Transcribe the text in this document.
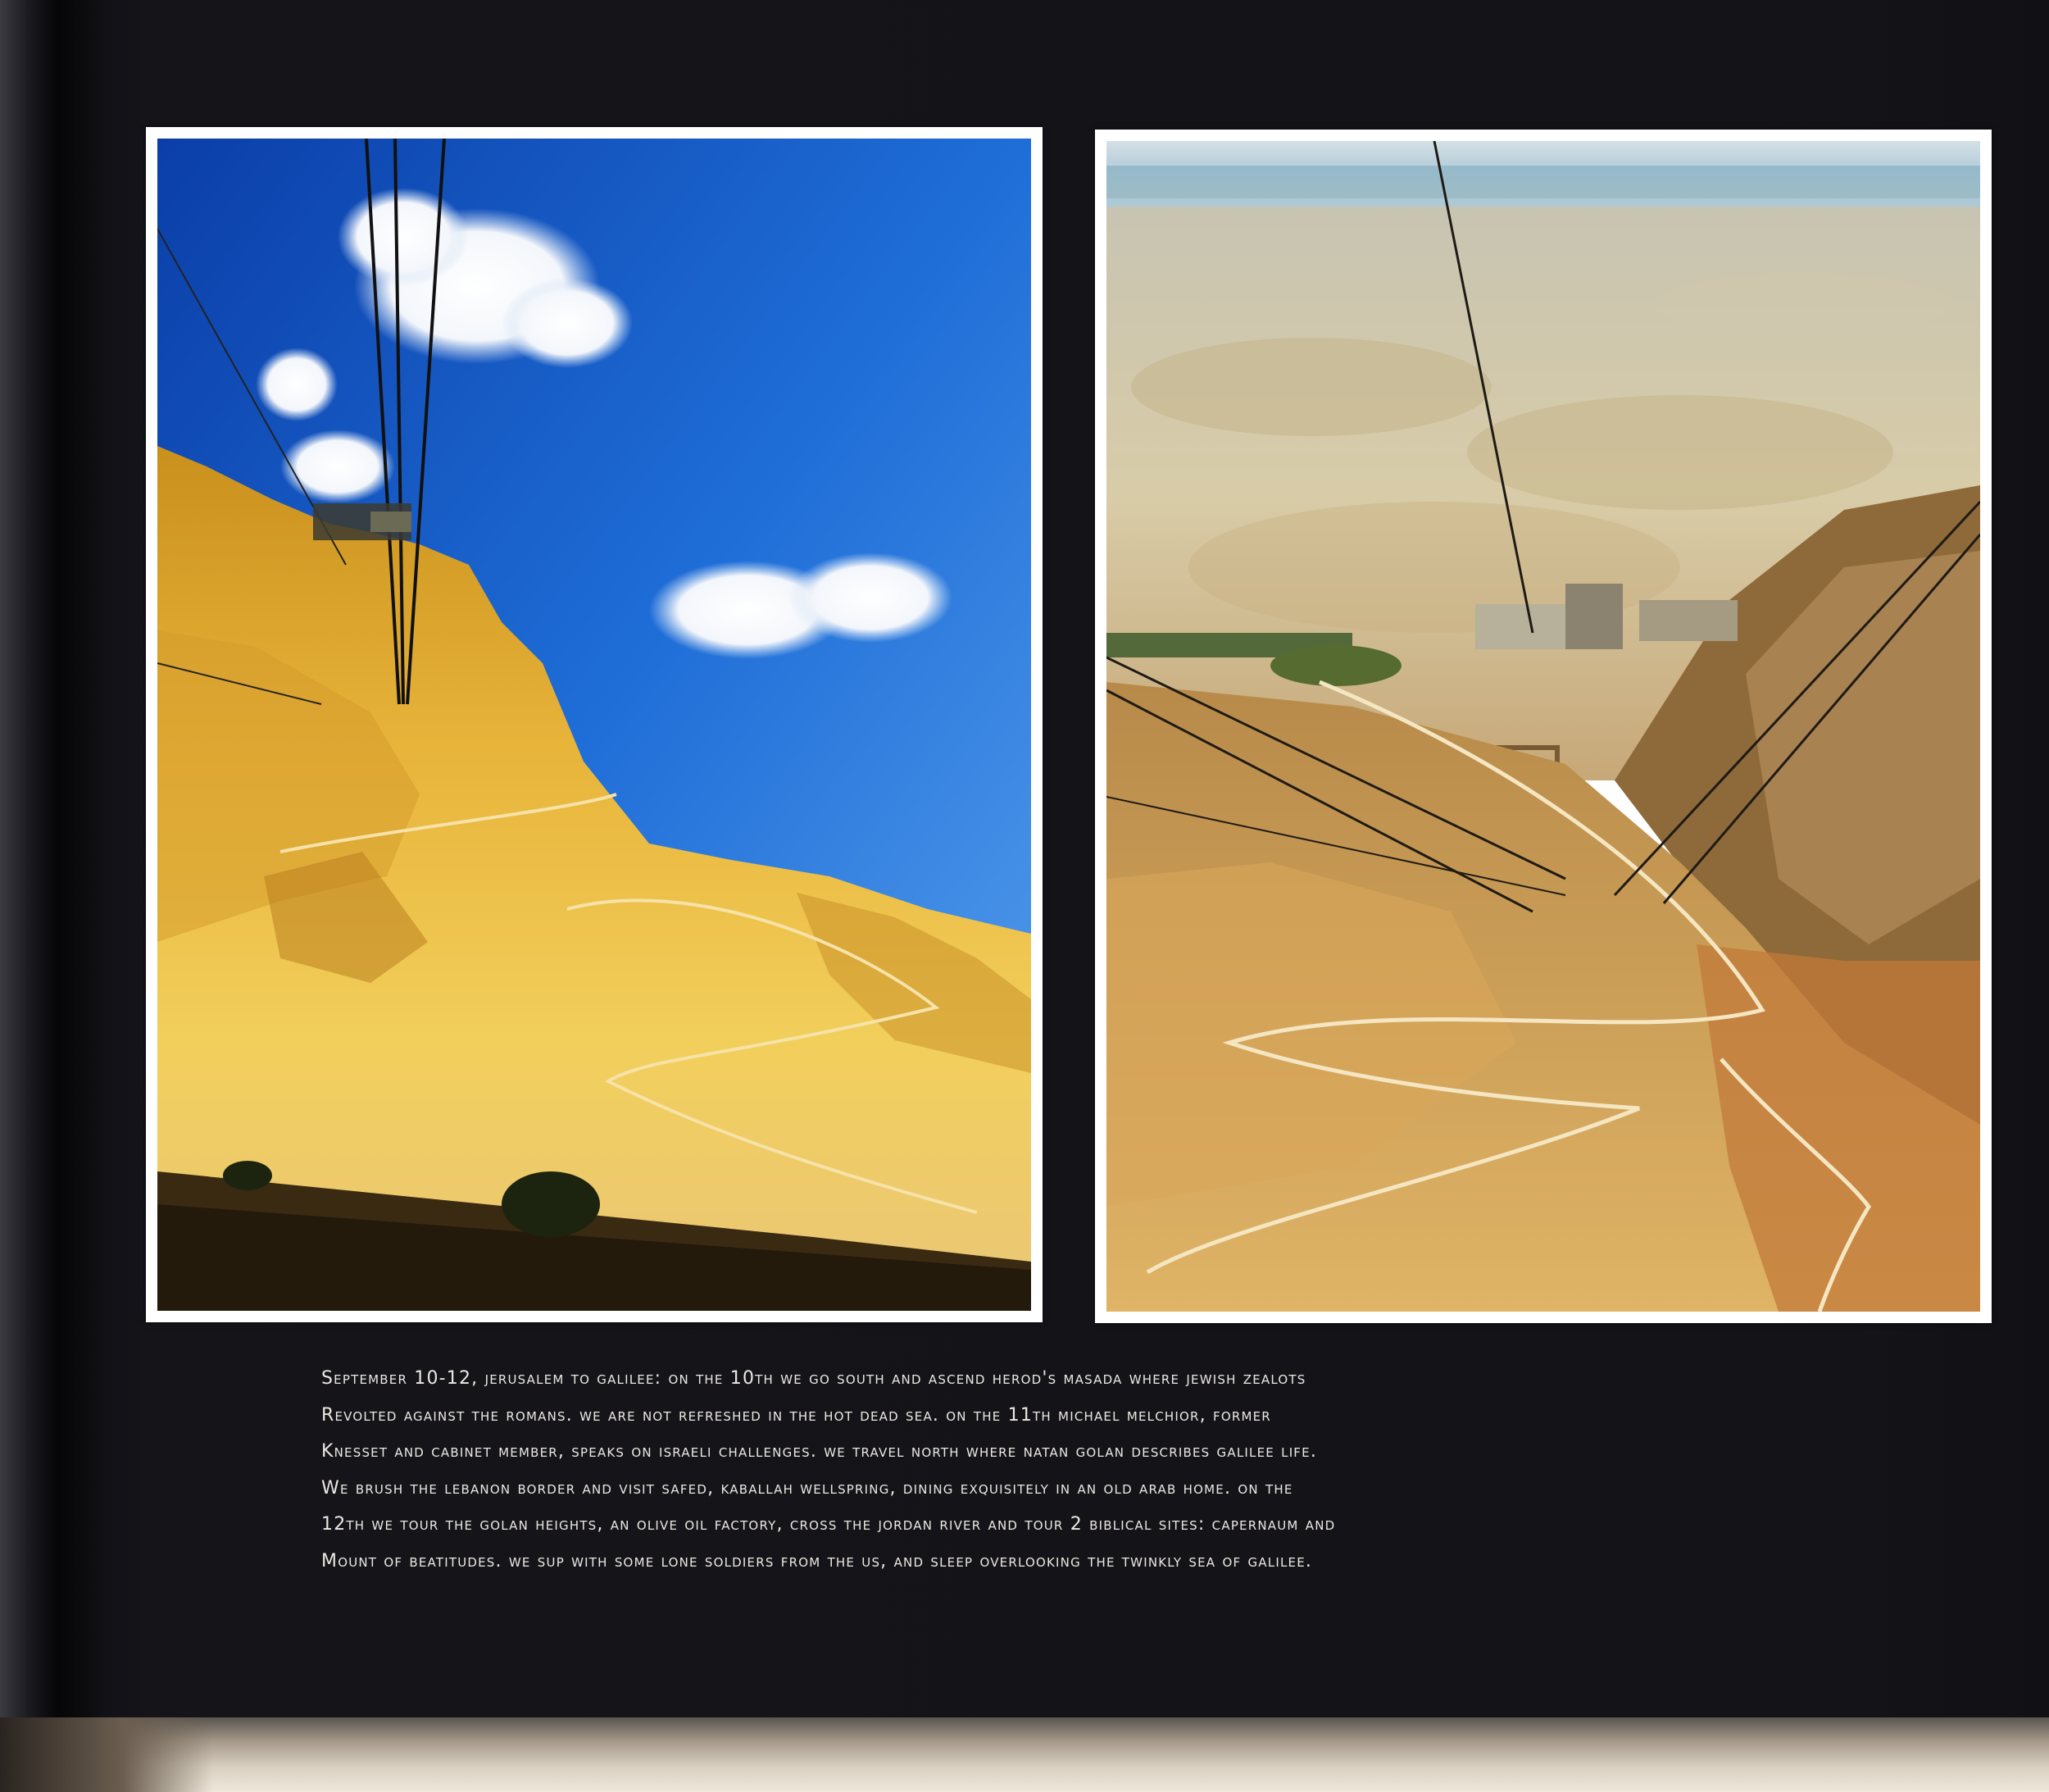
September 10-12, jerusalem to galilee: on the 10th we go south and ascend herod's masada where jewish zealots
Revolted against the romans. we are not refreshed in the hot dead sea. on the 11th michael melchior, former
Knesset and cabinet member, speaks on israeli challenges. we travel north where natan golan describes galilee life.
We brush the lebanon border and visit safed, kaballah wellspring, dining exquisitely in an old arab home. on the
12th we tour the golan heights, an olive oil factory, cross the jordan river and tour 2 biblical sites: capernaum and
Mount of beatitudes. we sup with some lone soldiers from the us, and sleep overlooking the twinkly sea of galilee.
